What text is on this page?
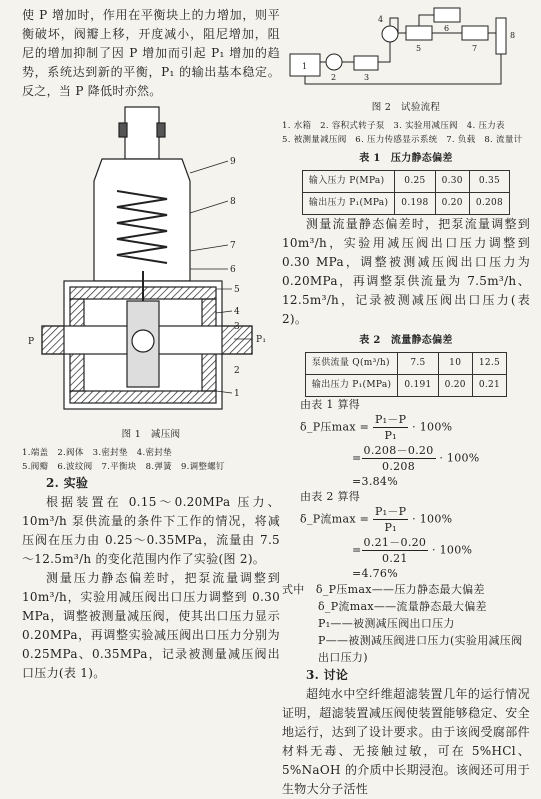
使 P 增加时，作用在平衡块上的力增加，则平衡破坏，阀瓣上移，开度减小，阻尼增加，阻尼的增加抑制了因 P 增加而引起 P₁ 增加的趋势，系统达到新的平衡，P₁ 的输出基本稳定。反之，当 P 降低时亦然。

9
8
7
6
5
4
3
P₁
2
1
P
图 1　减压阀
1.端盖 2.阀体 3.密封垫 4.密封垫
5.阀瓣 6.波纹阀 7.平衡块 8.弹簧 9.调整螺钉

2. 实验

根据装置在 0.15～0.20MPa 压力、10m³/h 泵供流量的条件下工作的情况，将减压阀在压力由 0.25～0.35MPa，流量由 7.5～12.5m³/h 的变化范围内作了实验(图 2)。

测量压力静态偏差时，把泵流量调整到 10m³/h，实验用减压阀出口压力调整到 0.30 MPa，调整被测量减压阀，使其出口压力显示 0.20MPa，再调整实验减压阀出口压力分别为 0.25MPa、0.35MPa，记录被测量减压阀出口压力(表 1)。

1
2	3
4
5
6
7
8
图 2　试验流程
1. 水箱　2. 容积式转子泵　3. 实验用减压阀　4. 压力表
5. 被测量减压阀　6. 压力传感显示系统　7. 负载　8. 流量计
表 1　压力静态偏差
输入压力 P(MPa)	0.25	0.30	0.35
输出压力 P₁(MPa)	0.198	0.20	0.208

测量流量静态偏差时，把泵流量调整到 10m³/h，实验用减压阀出口压力调整到 0.30 MPa，调整被测减压阀出口压力为 0.20MPa，再调整泵供流量为 7.5m³/h、12.5m³/h，记录被测减压阀出口压力(表 2)。

表 2　流量静态偏差
泵供流量 Q(m³/h)	7.5	10	12.5
输出压力 P₁(MPa)	0.191	0.20	0.21
由表 1 算得
δ_P压$\max = \frac{\text{P₁－P}}{\text{P₁}} \cdot 100\%$
= $\frac{0.208-0.20}{0.208} \cdot 100\%$
=3.84%
由表 2 算得
δ_P流$\max = \frac{\text{P₁－P}}{\text{P₁}} \cdot 100\%$
= $\frac{0.21-0.20}{0.21} \cdot 100\%$
=4.76%
式中　 δ_P压max——压力静态最大偏差
δ_P流max——流量静态最大偏差
P₁——被测减压阀出口压力
P——被测减压阀进口压力(实验用减压阀出口压力)

3. 讨论

超纯水中空纤维超滤装置几年的运行情况证明，超滤装置减压阀使装置能够稳定、安全地运行，达到了设计要求。由于该阀受腐部件材料无毒、无接触过敏，可在 5%HCl、5%NaOH 的介质中长期浸泡。该阀还可用于生物大分子活性
